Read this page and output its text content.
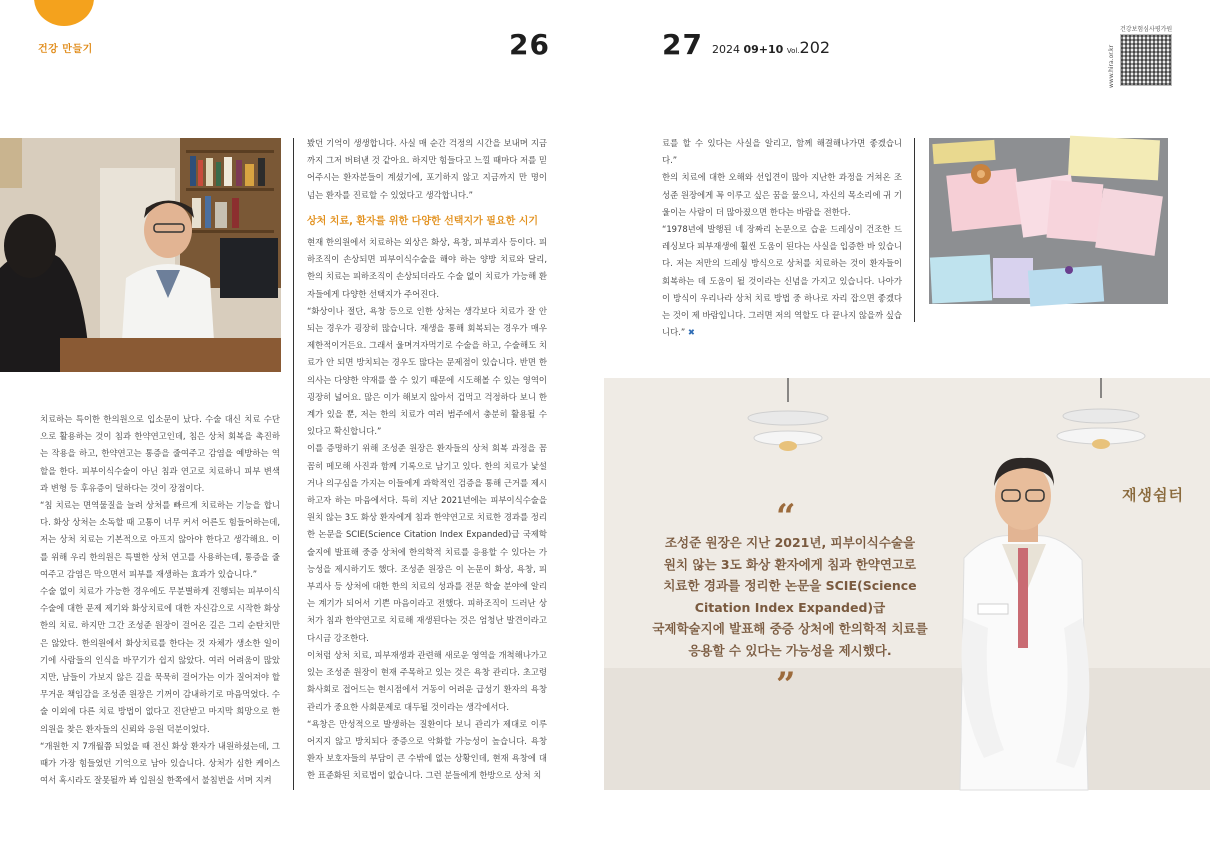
건강 만들기	26	27 2024 09+10 Vol.202	www.hira.or.kr
건강보험심사평가원

치료하는 특이한 한의원으로 입소문이 났다. 수술 대신 치료 수단으로 활용하는 것이 침과 한약연고인데, 침은 상처 회복을 촉진하는 작용을 하고, 한약연고는 통증을 줄여주고 감염을 예방하는 역할을 한다. 피부이식수술이 아닌 침과 연고로 치료하니 피부 변색과 변형 등 후유증이 덜하다는 것이 장점이다.

“침 치료는 면역물질을 늘려 상처를 빠르게 치료하는 기능을 합니다. 화상 상처는 소독할 때 고통이 너무 커서 어른도 힘들어하는데, 저는 상처 치료는 기본적으로 아프지 않아야 한다고 생각해요. 이를 위해 우리 한의원은 특별한 상처 연고를 사용하는데, 통증을 줄여주고 감염은 막으면서 피부를 재생하는 효과가 있습니다.”

수술 없이 치료가 가능한 경우에도 무분별하게 진행되는 피부이식수술에 대한 문제 제기와 화상치료에 대한 자신감으로 시작한 화상 한의 치료. 하지만 그간 조성준 원장이 걸어온 길은 그리 순탄치만은 않았다. 한의원에서 화상치료를 한다는 것 자체가 생소한 일이기에 사람들의 인식을 바꾸기가 쉽지 않았다. 여러 어려움이 많았지만, 남들이 가보지 않은 길을 묵묵히 걸어가는 이가 질어져야 할 무거운 책임감을 조성준 원장은 기꺼이 감내하기로 마음먹었다. 수술 이외에 다른 치료 방법이 없다고 진단받고 마지막 희망으로 한의원을 찾은 환자들의 신뢰와 응원 덕분이었다.

“개원한 지 7개월쯤 되었을 때 전신 화상 환자가 내원하셨는데, 그때가 가장 힘들었던 기억으로 남아 있습니다. 상처가 심한 케이스여서 혹시라도 잘못될까 봐 입원실 한쪽에서 불침번을 서며 지켜

봤던 기억이 생생합니다. 사실 매 순간 걱정의 시간을 보내며 지금까지 그저 버텨낸 것 같아요. 하지만 힘들다고 느낄 때마다 저를 믿어주시는 환자분들이 계셨기에, 포기하지 않고 지금까지 만 명이 넘는 환자를 진료할 수 있었다고 생각합니다.”

상처 치료, 환자를 위한 다양한 선택지가 필요한 시기

현재 한의원에서 치료하는 외상은 화상, 욕창, 피부괴사 등이다. 피하조직이 손상되면 피부이식수술을 해야 하는 양방 치료와 달리, 한의 치료는 피하조직이 손상되더라도 수술 없이 치료가 가능해 환자들에게 다양한 선택지가 주어진다.

“화상이나 절단, 욕창 등으로 인한 상처는 생각보다 치료가 잘 안 되는 경우가 굉장히 많습니다. 재생을 통해 회복되는 경우가 매우 제한적이거든요. 그래서 울며겨자먹기로 수술을 하고, 수술해도 치료가 안 되면 방치되는 경우도 많다는 문제점이 있습니다. 반면 한의사는 다양한 약재를 쓸 수 있기 때문에 시도해볼 수 있는 영역이 굉장히 넓어요. 많은 이가 해보지 않아서 겁먹고 걱정하다 보니 한계가 있을 뿐, 저는 한의 치료가 여러 범주에서 충분히 활용될 수 있다고 확신합니다.”

이를 증명하기 위해 조성준 원장은 환자들의 상처 회복 과정을 꼼꼼히 메모해 사진과 함께 기록으로 남기고 있다. 한의 치료가 낯설거나 의구심을 가지는 이들에게 과학적인 검증을 통해 근거를 제시하고자 하는 마음에서다. 특히 지난 2021년에는 피부이식수술을 원치 않는 3도 화상 환자에게 침과 한약연고로 치료한 경과를 정리한 논문을 SCIE(Science Citation Index Expanded)급 국제학술지에 발표해 중증 상처에 한의학적 치료를 응용할 수 있다는 가능성을 제시하기도 했다. 조성준 원장은 이 논문이 화상, 욕창, 피부괴사 등 상처에 대한 한의 치료의 성과를 전문 학술 분야에 알리는 계기가 되어서 기쁜 마음이라고 전했다. 피하조직이 드러난 상처가 침과 한약연고로 치료해 재생된다는 것은 엄청난 발견이라고 다시금 강조한다.

이처럼 상처 치료, 피부재생과 관련해 새로운 영역을 개척해나가고 있는 조성준 원장이 현재 주목하고 있는 것은 욕창 관리다. 초고령화사회로 접어드는 현시점에서 거동이 어려운 급성기 환자의 욕창 관리가 중요한 사회문제로 대두될 것이라는 생각에서다.

“욕창은 만성적으로 발생하는 질환이다 보니 관리가 제대로 이루어지지 않고 방치되다 중증으로 악화할 가능성이 높습니다. 욕창 환자 보호자들의 부담이 큰 수밖에 없는 상황인데, 현재 욕창에 대한 표준화된 치료법이 없습니다. 그런 분들에게 한방으로 상처 치

료를 할 수 있다는 사실을 알리고, 함께 해결해나가면 좋겠습니다.”

한의 치료에 대한 오해와 선입견이 많아 지난한 과정을 거쳐온 조성준 원장에게 꼭 이루고 싶은 꿈을 물으니, 자신의 목소리에 귀 기울이는 사람이 더 많아졌으면 한다는 바람을 전한다.

“1978년에 발행된 네 장짜리 논문으로 습윤 드레싱이 건조한 드레싱보다 피부재생에 훨씬 도움이 된다는 사실을 입증한 바 있습니다. 저는 저만의 드레싱 방식으로 상처를 치료하는 것이 환자들이 회복하는 데 도움이 될 것이라는 신념을 가지고 있습니다. 나아가 이 방식이 우리나라 상처 치료 방법 중 하나로 자리 잡으면 좋겠다는 것이 제 바람입니다. 그러면 저의 역할도 다 끝나지 않을까 싶습니다.” ✖

재생쉼터
“
조성준 원장은 지난 2021년, 피부이식수술을
원치 않는 3도 화상 환자에게 침과 한약연고로
치료한 경과를 정리한 논문을 SCIE(Science
Citation Index Expanded)급
국제학술지에 발표해 중증 상처에 한의학적 치료를
응용할 수 있다는 가능성을 제시했다.
”
